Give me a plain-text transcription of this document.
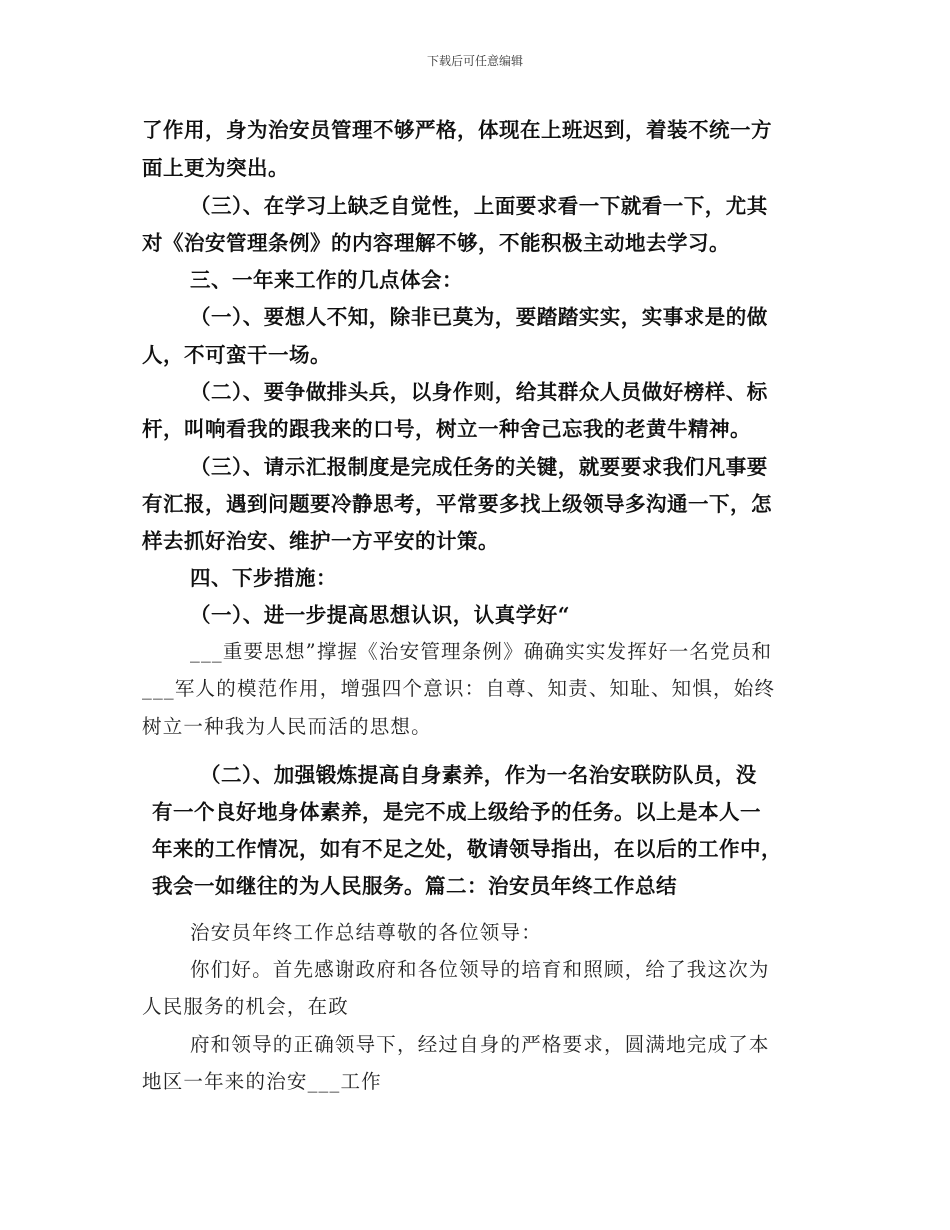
下载后可任意编辑
了作用，身为治安员管理不够严格，体现在上班迟到，着装不统一方
面上更为突出。
（三）、在学习上缺乏自觉性，上面要求看一下就看一下，尤其
对《治安管理条例》的内容理解不够，不能积极主动地去学习。
三、一年来工作的几点体会：
（一）、要想人不知，除非已莫为，要踏踏实实，实事求是的做
人，不可蛮干一场。
（二）、要争做排头兵，以身作则，给其群众人员做好榜样、标
杆，叫响看我的跟我来的口号，树立一种舍己忘我的老黄牛精神。
（三）、请示汇报制度是完成任务的关键，就要要求我们凡事要
有汇报，遇到问题要冷静思考，平常要多找上级领导多沟通一下，怎
样去抓好治安、维护一方平安的计策。
四、下步措施：
（一）、进一步提高思想认识，认真学好“
___重要思想”撑握《治安管理条例》确确实实发挥好一名党员和
___军人的模范作用，增强四个意识：自尊、知责、知耻、知惧，始终
树立一种我为人民而活的思想。
（二）、加强锻炼提高自身素养，作为一名治安联防队员，没
有一个良好地身体素养，是完不成上级给予的任务。以上是本人一
年来的工作情况，如有不足之处，敬请领导指出，在以后的工作中，
我会一如继往的为人民服务。篇二：治安员年终工作总结
治安员年终工作总结尊敬的各位领导：
你们好。首先感谢政府和各位领导的培育和照顾，给了我这次为
人民服务的机会，在政
府和领导的正确领导下，经过自身的严格要求，圆满地完成了本
地区一年来的治安___工作
